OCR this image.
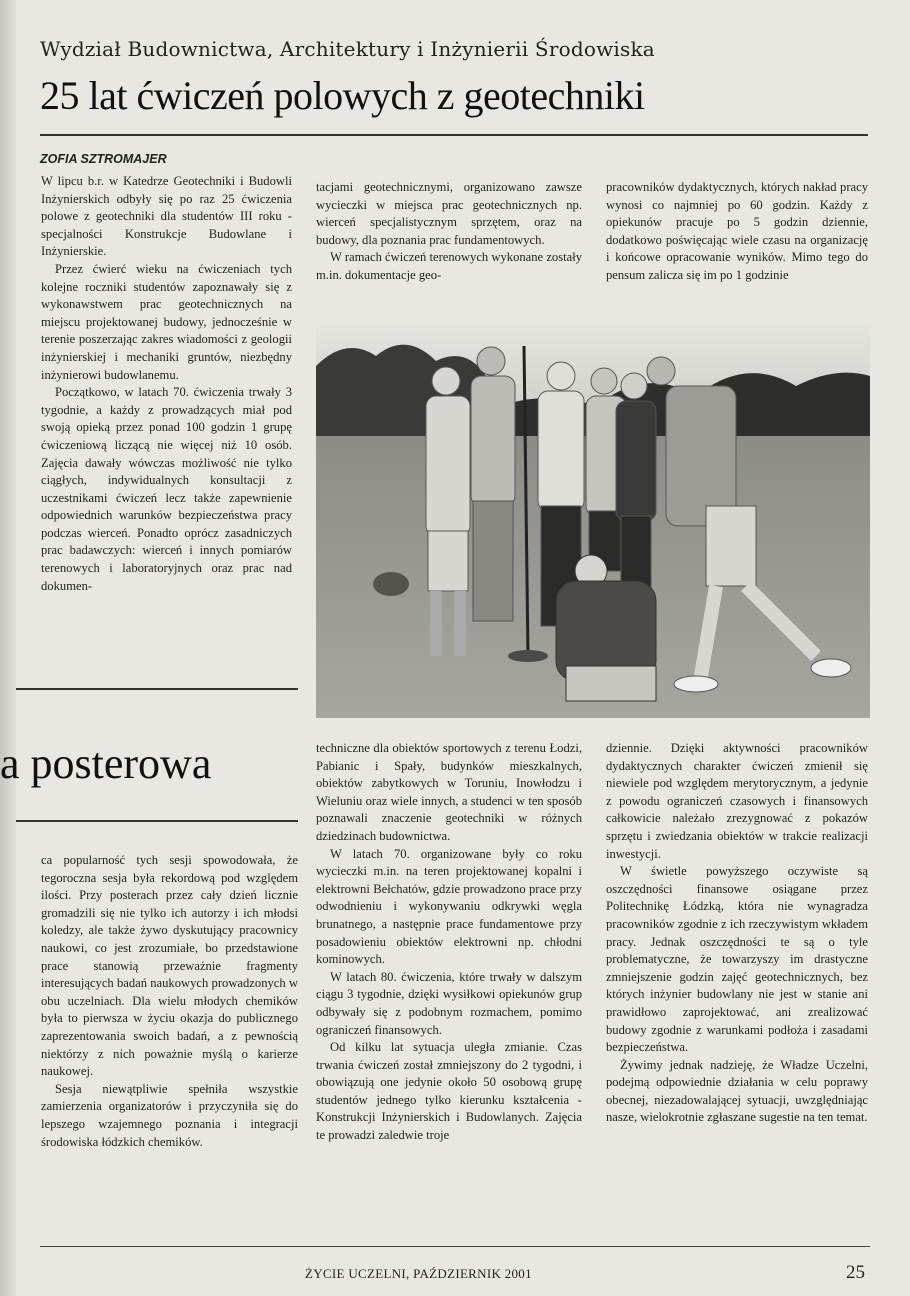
Wydział Budownictwa, Architektury i Inżynierii Środowiska
25 lat ćwiczeń polowych z geotechniki
ZOFIA SZTROMAJER

W lipcu b.r. w Katedrze Geotechniki i Budowli Inżynierskich odbyły się po raz 25 ćwiczenia polowe z geotechniki dla studentów III roku - specjalności Konstrukcje Budowlane i Inżynierskie.

Przez ćwierć wieku na ćwiczeniach tych kolejne roczniki studentów zapoznawały się z wykonawstwem prac geotechnicznych na miejscu projektowanej budowy, jednocześnie w terenie poszerzając zakres wiadomości z geologii inżynierskiej i mechaniki gruntów, niezbędny inżynierowi budowlanemu.

Początkowo, w latach 70. ćwiczenia trwały 3 tygodnie, a każdy z prowadzących miał pod swoją opieką przez ponad 100 godzin 1 grupę ćwiczeniową liczącą nie więcej niż 10 osób. Zajęcia dawały wówczas możliwość nie tylko ciągłych, indywidualnych konsultacji z uczestnikami ćwiczeń lecz także zapewnienie odpowiednich warunków bezpieczeństwa pracy podczas wierceń. Ponadto oprócz zasadniczych prac badawczych: wierceń i innych pomiarów terenowych i laboratoryjnych oraz prac nad dokumen-

tacjami geotechnicznymi, organizowano zawsze wycieczki w miejsca prac geotechnicznych np. wierceń specjalistycznym sprzętem, oraz na budowy, dla poznania prac fundamentowych.

W ramach ćwiczeń terenowych wykonane zostały m.in. dokumentacje geo-

pracowników dydaktycznych, których nakład pracy wynosi co najmniej po 60 godzin. Każdy z opiekunów pracuje po 5 godzin dziennie, dodatkowo poświęcając wiele czasu na organizację i końcowe opracowanie wyników. Mimo tego do pensum zalicza się im po 1 godzinie

techniczne dla obiektów sportowych z terenu Łodzi, Pabianic i Spały, budynków mieszkalnych, obiektów zabytkowych w Toruniu, Inowłodzu i Wieluniu oraz wiele innych, a studenci w ten sposób poznawali znaczenie geotechniki w różnych dziedzinach budownictwa.

W latach 70. organizowane były co roku wycieczki m.in. na teren projektowanej kopalni i elektrowni Bełchatów, gdzie prowadzono prace przy odwodnieniu i wykonywaniu odkrywki węgla brunatnego, a następnie prace fundamentowe przy posadowieniu obiektów elektrowni np. chłodni kominowych.

W latach 80. ćwiczenia, które trwały w dalszym ciągu 3 tygodnie, dzięki wysiłkowi opiekunów grup odbywały się z podobnym rozmachem, pomimo ograniczeń finansowych.

Od kilku lat sytuacja uległa zmianie. Czas trwania ćwiczeń został zmniejszony do 2 tygodni, i obowiązują one jedynie około 50 osobową grupę studentów jednego tylko kierunku kształcenia - Konstrukcji Inżynierskich i Budowlanych. Zajęcia te prowadzi zaledwie troje

dziennie. Dzięki aktywności pracowników dydaktycznych charakter ćwiczeń zmienił się niewiele pod względem merytorycznym, a jedynie z powodu ograniczeń czasowych i finansowych całkowicie należało zrezygnować z pokazów sprzętu i zwiedzania obiektów w trakcie realizacji inwestycji.

W świetle powyższego oczywiste są oszczędności finansowe osiągane przez Politechnikę Łódzką, która nie wynagradza pracowników zgodnie z ich rzeczywistym wkładem pracy. Jednak oszczędności te są o tyle problematyczne, że towarzyszy im drastyczne zmniejszenie godzin zajęć geotechnicznych, bez których inżynier budowlany nie jest w stanie ani prawidłowo zaprojektować, ani zrealizować budowy zgodnie z warunkami podłoża i zasadami bezpieczeństwa.

Żywimy jednak nadzieję, że Władze Uczelni, podejmą odpowiednie działania w celu poprawy obecnej, niezadowalającej sytuacji, uwzględniając nasze, wielokrotnie zgłaszane sugestie na ten temat.

a posterowa

ca popularność tych sesji spowodowała, że tegoroczna sesja była rekordową pod względem ilości. Przy posterach przez cały dzień licznie gromadzili się nie tylko ich autorzy i ich młodsi koledzy, ale także żywo dyskutujący pracownicy naukowi, co jest zrozumiałe, bo przedstawione prace stanowią przeważnie fragmenty interesujących badań naukowych prowadzonych w obu uczelniach. Dla wielu młodych chemików była to pierwsza w życiu okazja do publicznego zaprezentowania swoich badań, a z pewnością niektórzy z nich poważnie myślą o karierze naukowej.

Sesja niewątpliwie spełniła wszystkie zamierzenia organizatorów i przyczyniła się do lepszego wzajemnego poznania i integracji środowiska łódzkich chemików.

ŻYCIE UCZELNI, PAŹDZIERNIK 2001	25
